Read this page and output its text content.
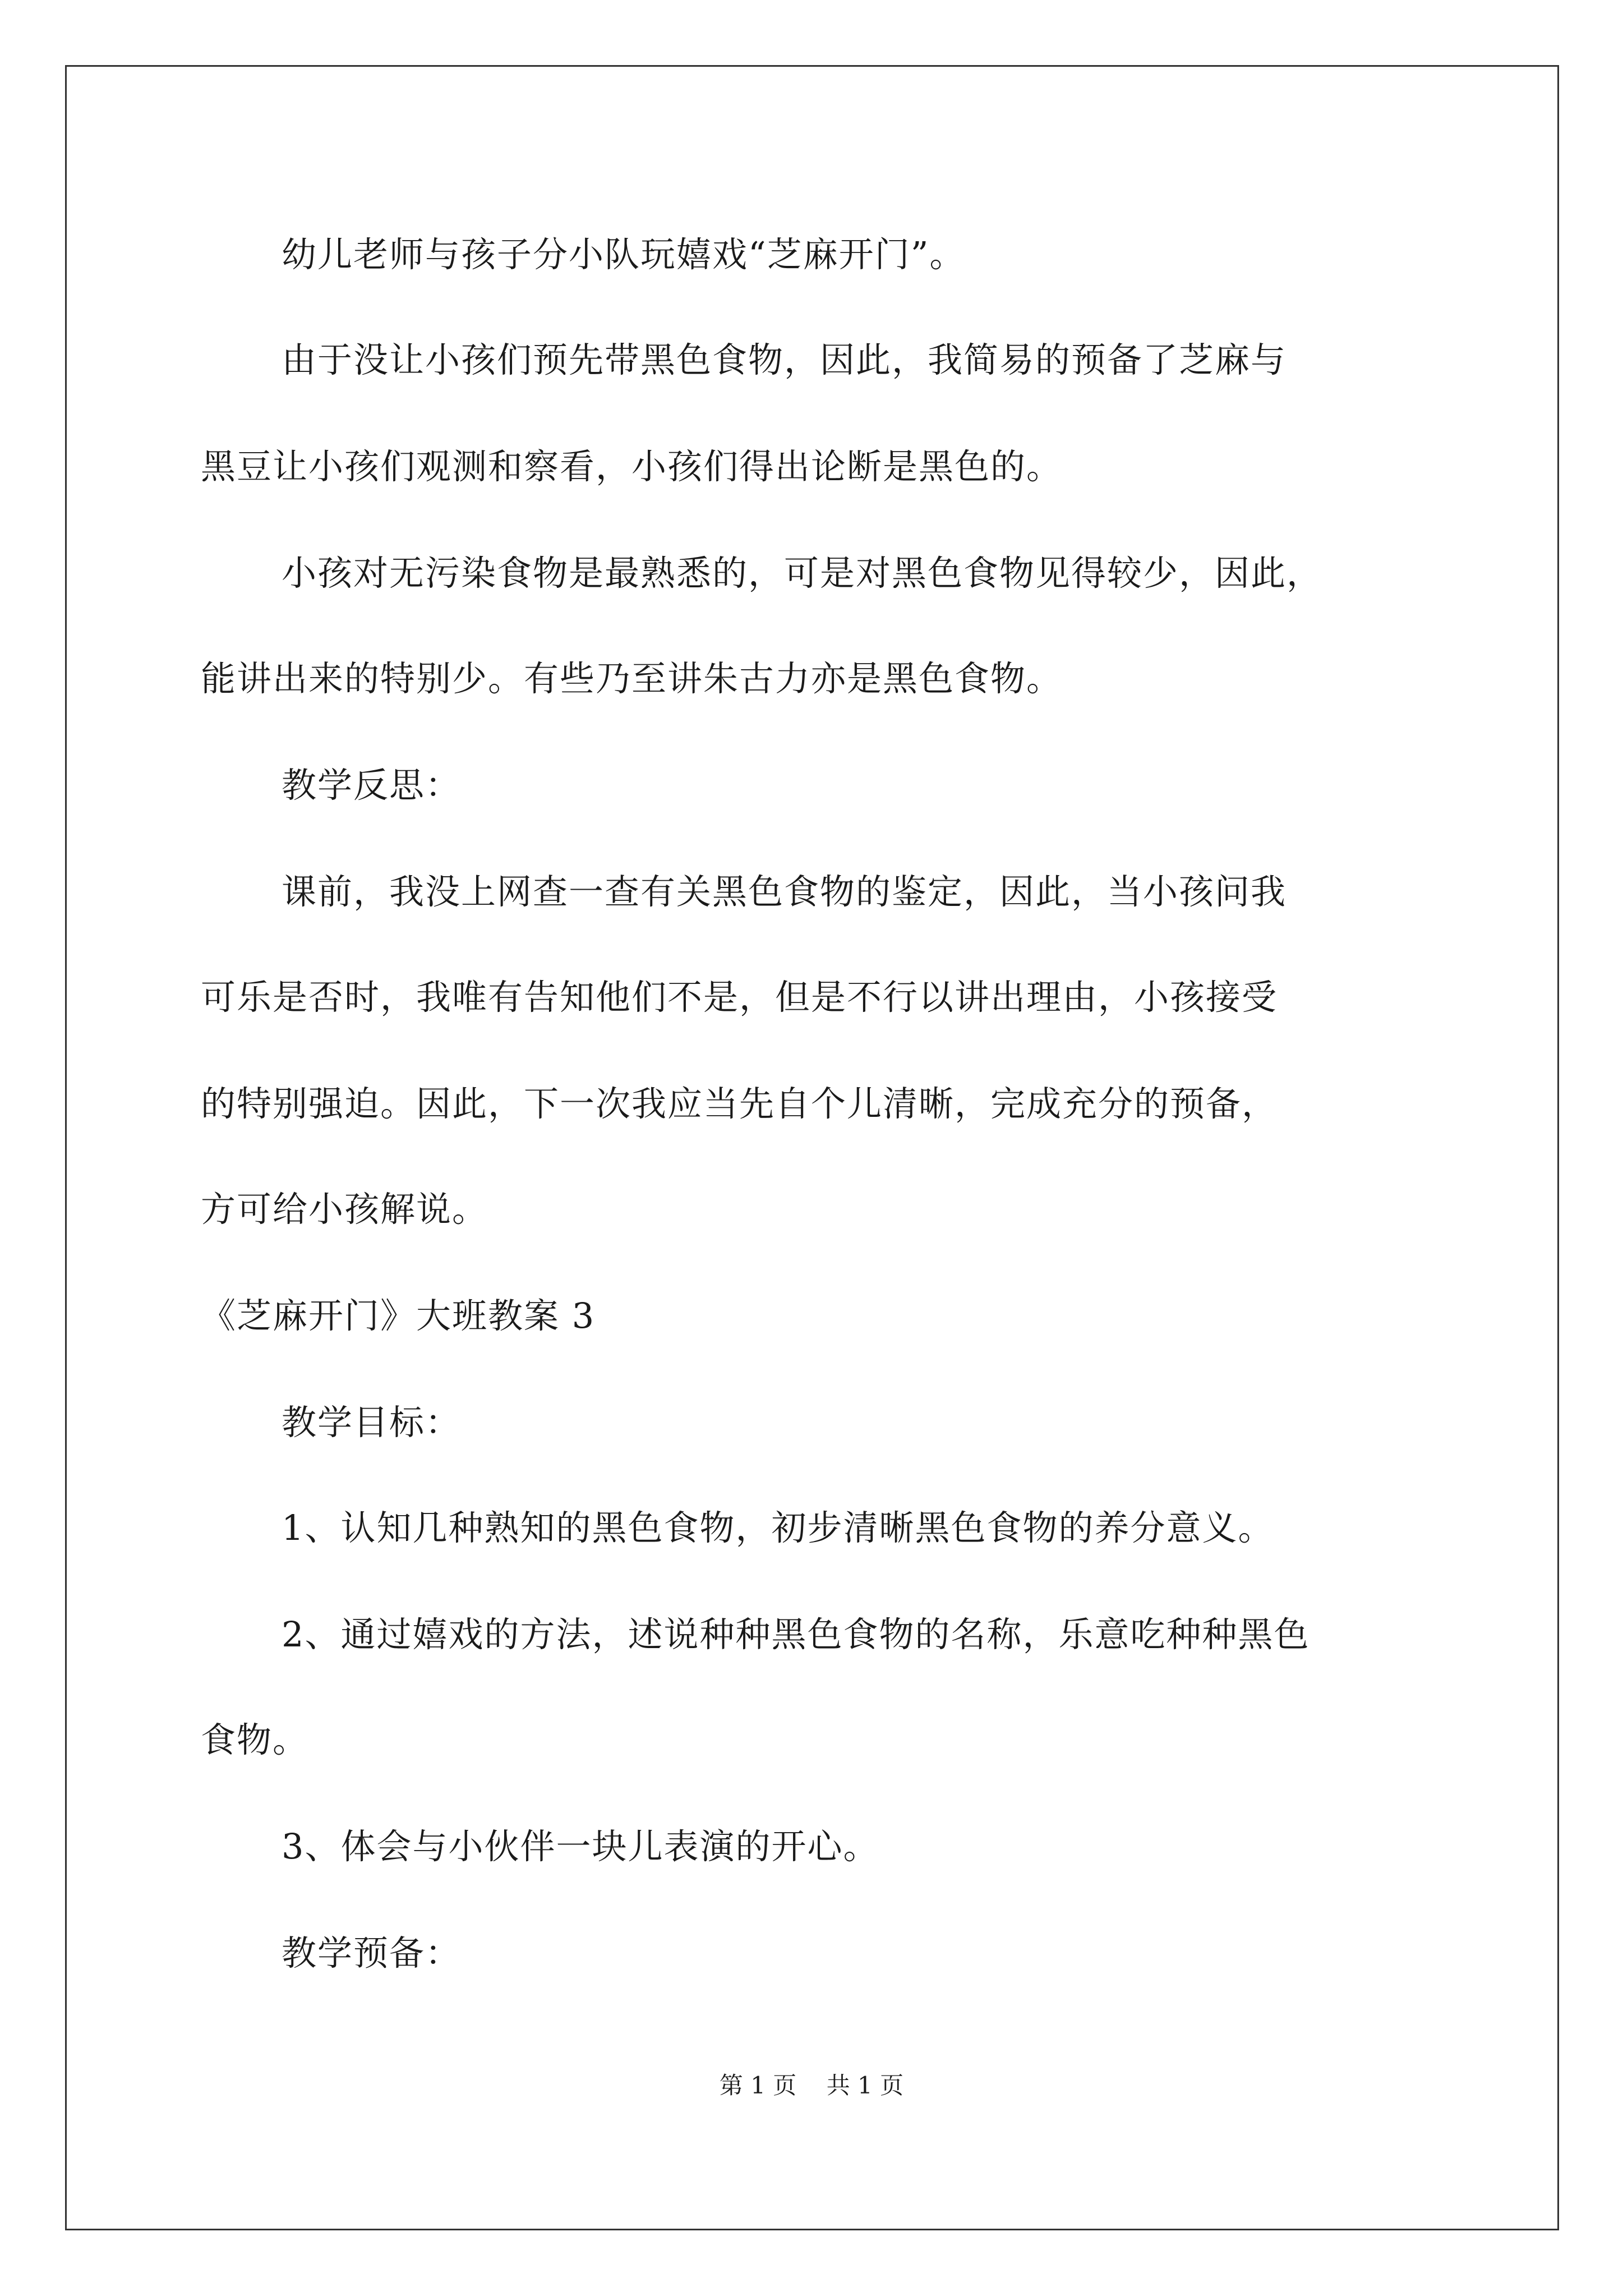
幼儿老师与孩子分小队玩嬉戏“芝麻开门”。
由于没让小孩们预先带黑色食物，因此，我简易的预备了芝麻与
黑豆让小孩们观测和察看，小孩们得出论断是黑色的。
小孩对无污染食物是最熟悉的，可是对黑色食物见得较少，因此，
能讲出来的特别少。有些乃至讲朱古力亦是黑色食物。
教学反思：
课前，我没上网查一查有关黑色食物的鉴定，因此，当小孩问我
可乐是否时，我唯有告知他们不是，但是不行以讲出理由，小孩接受
的特别强迫。因此，下一次我应当先自个儿清晰，完成充分的预备，
方可给小孩解说。
《芝麻开门》大班教案 3
教学目标：
1、认知几种熟知的黑色食物，初步清晰黑色食物的养分意义。
2、通过嬉戏的方法，述说种种黑色食物的名称，乐意吃种种黑色
食物。
3、体会与小伙伴一块儿表演的开心。
教学预备：
第 1 页    共 1 页
